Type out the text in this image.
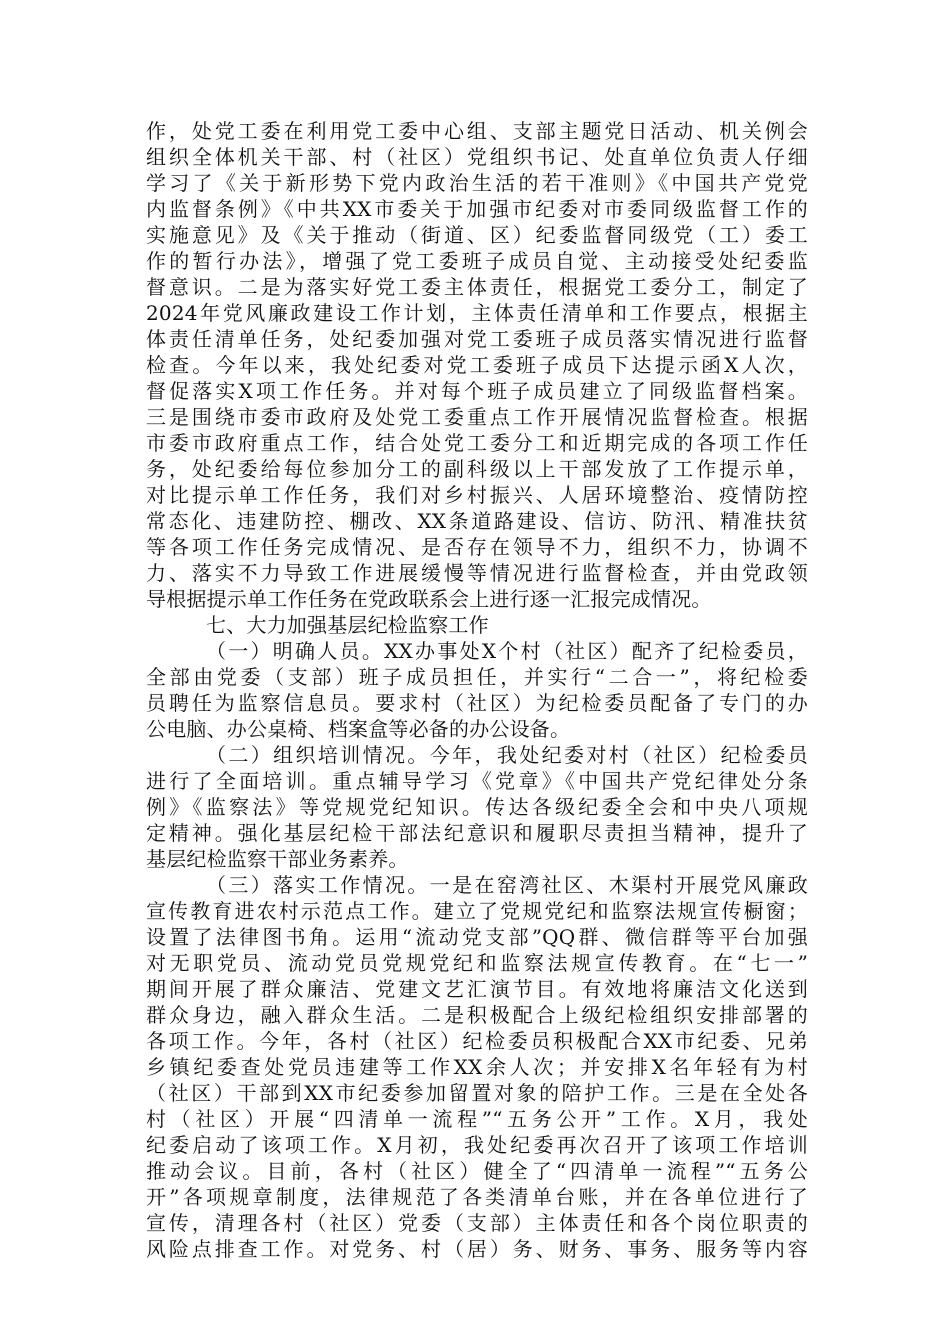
作，处党工委在利用党工委中心组、支部主题党日活动、机关例会
组织全体机关干部、村（社区）党组织书记、处直单位负责人仔细
学习了《关于新形势下党内政治生活的若干准则》《中国共产党党
内监督条例》《中共XX市委关于加强市纪委对市委同级监督工作的
实施意见》及《关于推动（街道、区）纪委监督同级党（工）委工
作的暂行办法》，增强了党工委班子成员自觉、主动接受处纪委监
督意识。二是为落实好党工委主体责任，根据党工委分工，制定了
2024年党风廉政建设工作计划，主体责任清单和工作要点，根据主
体责任清单任务，处纪委加强对党工委班子成员落实情况进行监督
检查。今年以来，我处纪委对党工委班子成员下达提示函X人次，
督促落实X项工作任务。并对每个班子成员建立了同级监督档案。
三是围绕市委市政府及处党工委重点工作开展情况监督检查。根据
市委市政府重点工作，结合处党工委分工和近期完成的各项工作任
务，处纪委给每位参加分工的副科级以上干部发放了工作提示单，
对比提示单工作任务，我们对乡村振兴、人居环境整治、疫情防控
常态化、违建防控、棚改、XX条道路建设、信访、防汛、精准扶贫
等各项工作任务完成情况、是否存在领导不力，组织不力，协调不
力、落实不力导致工作进展缓慢等情况进行监督检查，并由党政领
导根据提示单工作任务在党政联系会上进行逐一汇报完成情况。
七、大力加强基层纪检监察工作
（一）明确人员。XX办事处X个村（社区）配齐了纪检委员，
全部由党委（支部）班子成员担任，并实行“二合一”，将纪检委
员聘任为监察信息员。要求村（社区）为纪检委员配备了专门的办
公电脑、办公桌椅、档案盒等必备的办公设备。
（二）组织培训情况。今年，我处纪委对村（社区）纪检委员
进行了全面培训。重点辅导学习《党章》《中国共产党纪律处分条
例》《监察法》等党规党纪知识。传达各级纪委全会和中央八项规
定精神。强化基层纪检干部法纪意识和履职尽责担当精神，提升了
基层纪检监察干部业务素养。
（三）落实工作情况。一是在窑湾社区、木渠村开展党风廉政
宣传教育进农村示范点工作。建立了党规党纪和监察法规宣传橱窗；
设置了法律图书角。运用“流动党支部”QQ群、微信群等平台加强
对无职党员、流动党员党规党纪和监察法规宣传教育。在“七一”
期间开展了群众廉洁、党建文艺汇演节目。有效地将廉洁文化送到
群众身边，融入群众生活。二是积极配合上级纪检组织安排部署的
各项工作。今年，各村（社区）纪检委员积极配合XX市纪委、兄弟
乡镇纪委查处党员违建等工作XX余人次；并安排X名年轻有为村
（社区）干部到XX市纪委参加留置对象的陪护工作。三是在全处各
村（社区）开展“四清单一流程”“五务公开”工作。X月，我处
纪委启动了该项工作。X月初，我处纪委再次召开了该项工作培训
推动会议。目前，各村（社区）健全了“四清单一流程”“五务公
开”各项规章制度，法律规范了各类清单台账，并在各单位进行了
宣传，清理各村（社区）党委（支部）主体责任和各个岗位职责的
风险点排查工作。对党务、村（居）务、财务、事务、服务等内容
